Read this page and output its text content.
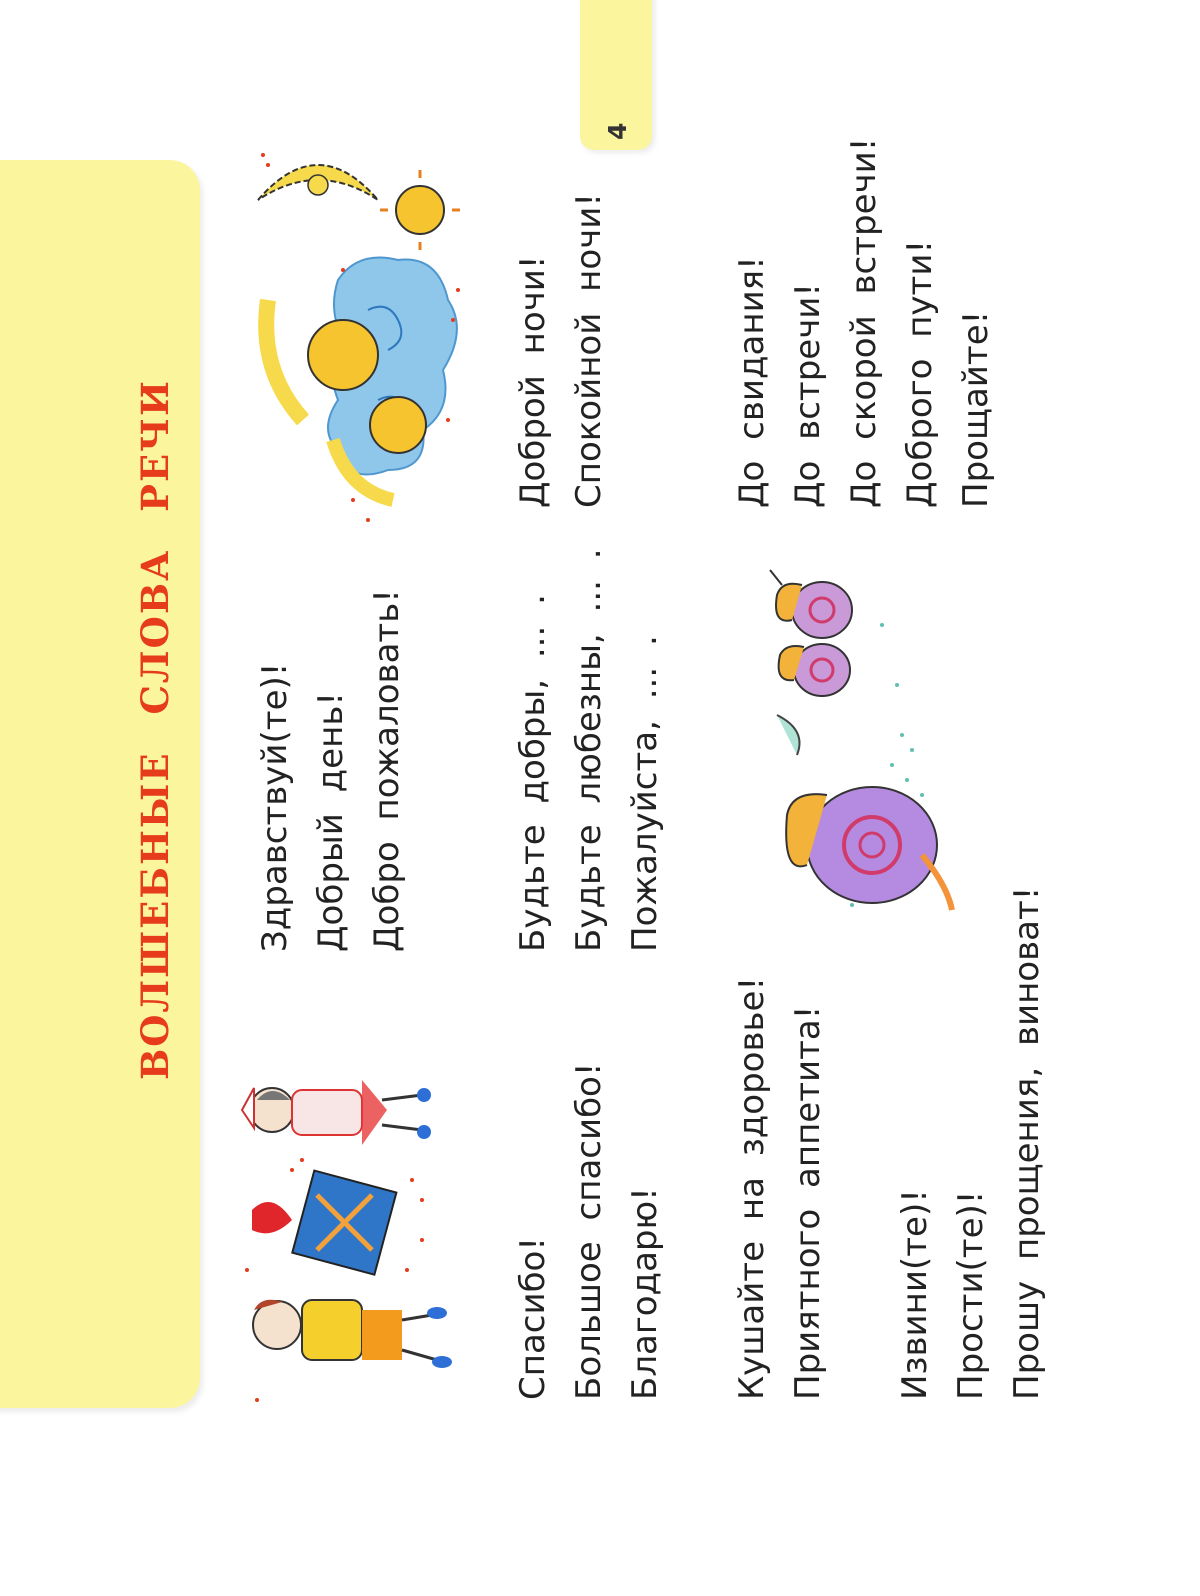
ВОЛШЕБНЫЕ СЛОВА РЕЧИ
4
Здравствуй(те)! Добрый день! Добро пожаловать!	Будьте добры, ... . Будьте любезны, ... . Пожалуйста, ... .
Доброй ночи! Спокойной ночи!
Спасибо! Большое спасибо! Благодарю! Кушайте на здоровье! Приятного аппетита! Извини(те)! Прости(те)! Прошу прощения, виноват!
До свидания! До встречи! До скорой встречи! Доброго пути! Прощайте!
